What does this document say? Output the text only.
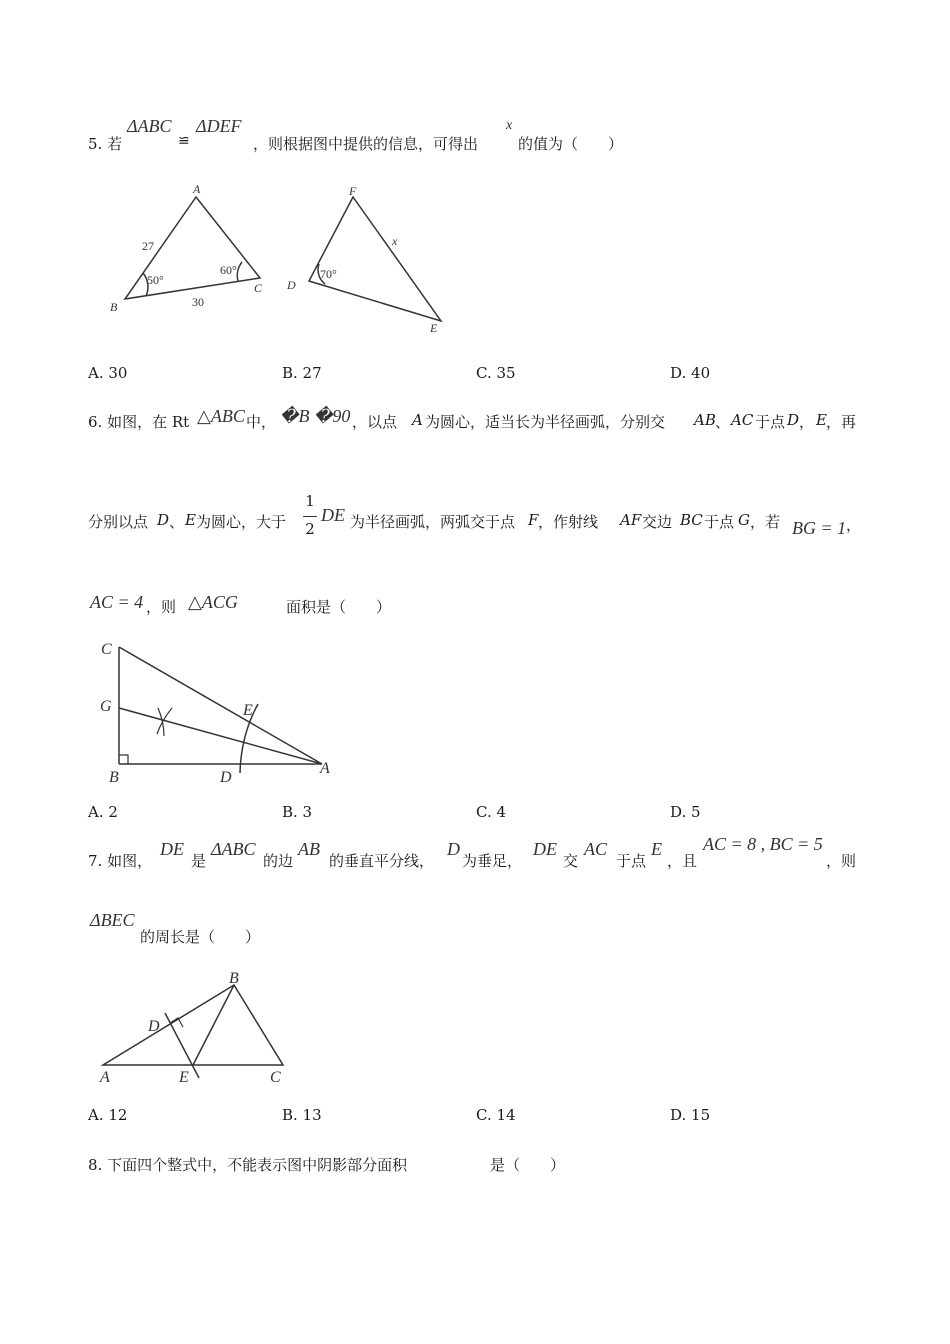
5. 若
ΔABC
≌
ΔDEF
，则根据图中提供的信息，可得出
x
的值为（　　）
A
B
C D
E
F
x
27
30
50°
60°	70°
A. 30	B. 27	C. 35	D. 40
6. 如图，在 Rt △ABC 中， �B �90 ，以点 A 为圆心，适当长为半径画弧，分别交 AB 、 AC 于点 D ， E ，再
分别以点 D 、 E 为圆心，大于
1
2
DE 为半径画弧，两弧交于点 F ，作射线 AF 交边 BC 于点 G ，若 BG = 1 ，
AC = 4 ，则 △ACG	面积是（　　）
C
G	E
B	D
A
A. 2	B. 3	C. 4	D. 5
7. 如图，
DE
是
ΔABC
的边
AB
的垂直平分线，
D
为垂足，
DE
交
AC
于点
E
，且
AC = 8 , BC = 5
，则
ΔBEC
的周长是（　　）
B
D
A	E	C
A. 12	B. 13	C. 14	D. 15
8. 下面四个整式中，不能表示图中阴影部分面积	是（　　）
